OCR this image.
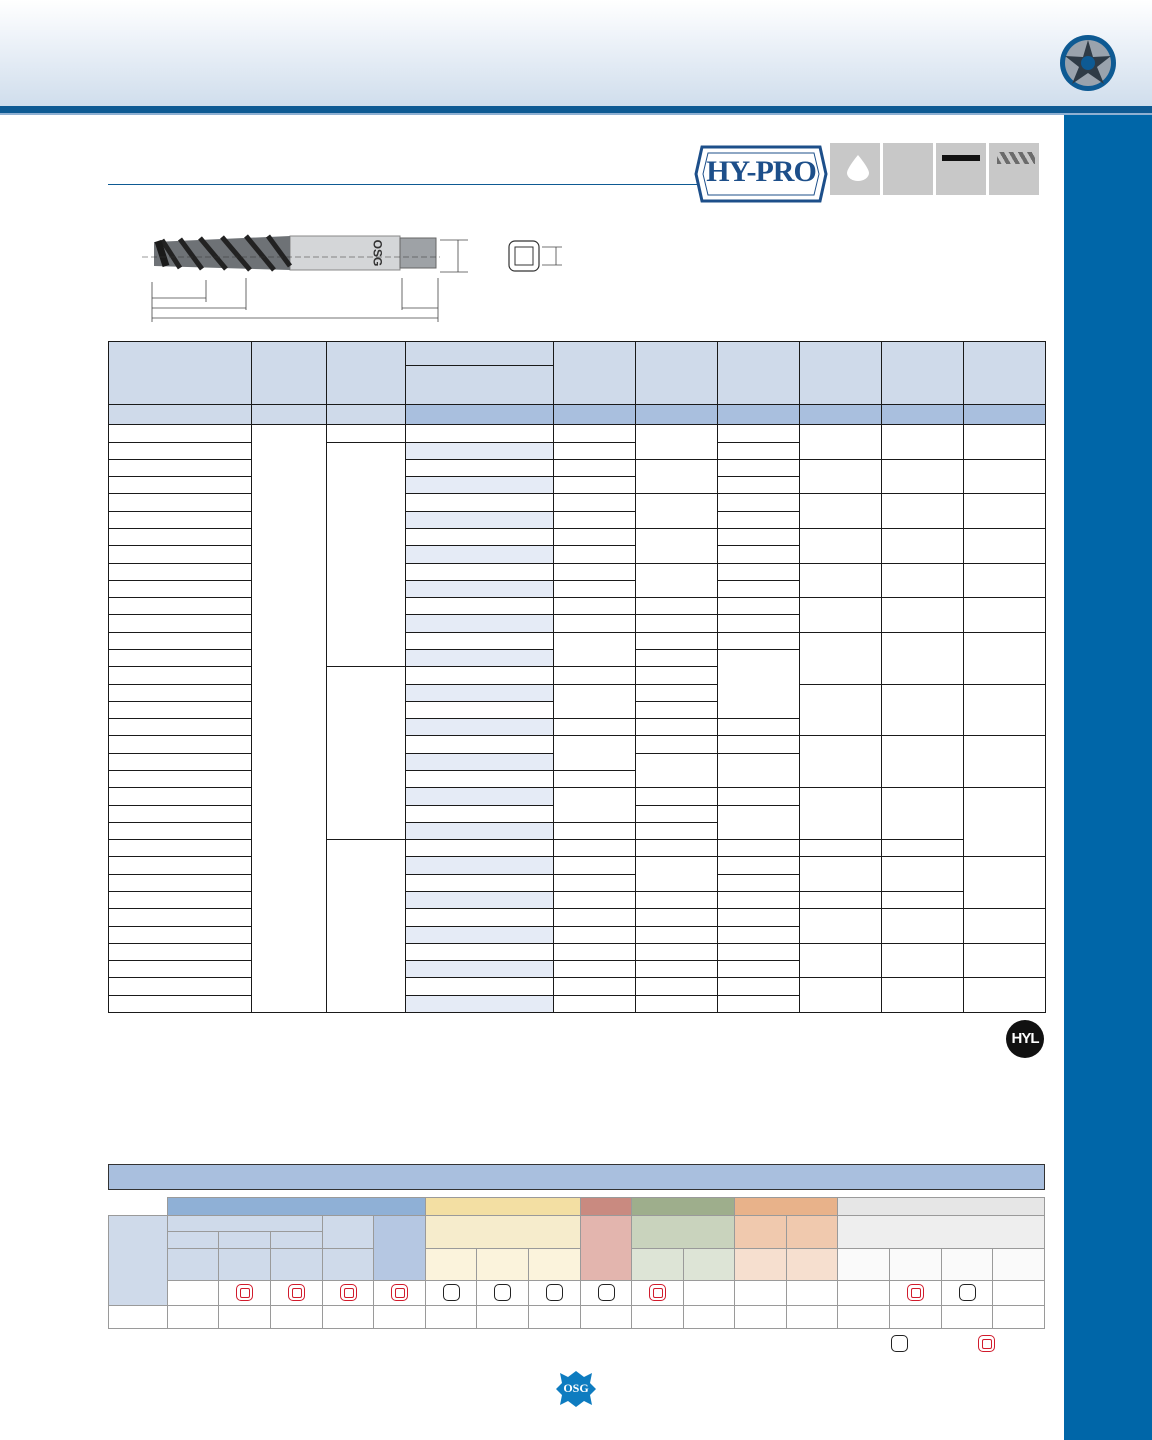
HY-PRO
OSG

HYL

OSG
